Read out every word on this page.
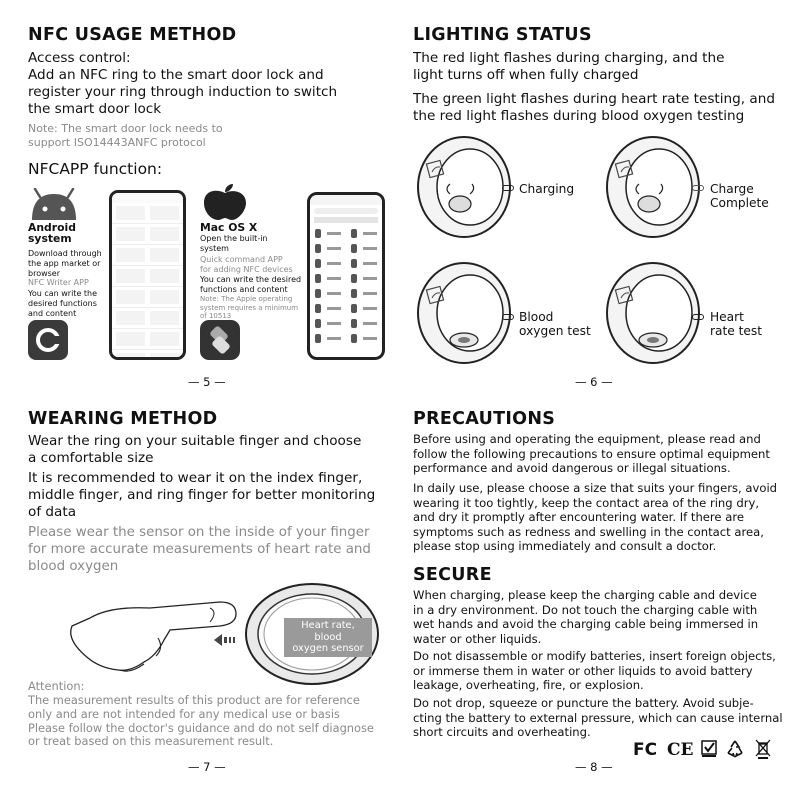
NFC USAGE METHOD
Access control:
Add an NFC ring to the smart door lock and
register your ring through induction to switch
the smart door lock
Note: The smart door lock needs to
support ISO14443ANFC protocol
NFCAPP function:
Android
system
Download through
the app market or
browser
NFC Writer APP
You can write the
desired functions
and content
Mac OS X
Open the built-in
system
Quick command APP
for adding NFC devices
You can write the desired
functions and content
Note: The Apple operating
system requires a minimum
of 10513
— 5 —
LIGHTING STATUS
The red light flashes during charging, and the
light turns off when fully charged
The green light flashes during heart rate testing, and
the red light flashes during blood oxygen testing
Charging	Charge
Complete
Blood
oxygen test
Heart
rate test
— 6 —
WEARING METHOD
Wear the ring on your suitable finger and choose
a comfortable size
It is recommended to wear it on the index finger,
middle finger, and ring finger for better monitoring
of data
Please wear the sensor on the inside of your finger
for more accurate measurements of heart rate and
blood oxygen
Heart rate, blood
oxygen sensor
Attention:
The measurement results of this product are for reference
only and are not intended for any medical use or basis
Please follow the doctor's guidance and do not self diagnose
or treat based on this measurement result.
— 7 —
PRECAUTIONS
Before using and operating the equipment, please read and
follow the following precautions to ensure optimal equipment
performance and avoid dangerous or illegal situations.
In daily use, please choose a size that suits your fingers, avoid
wearing it too tightly, keep the contact area of the ring dry,
and dry it promptly after encountering water. If there are
symptoms such as redness and swelling in the contact area,
please stop using immediately and consult a doctor.
SECURE
When charging, please keep the charging cable and device
in a dry environment. Do not touch the charging cable with
wet hands and avoid the charging cable being immersed in
water or other liquids.
Do not disassemble or modify batteries, insert foreign objects,
or immerse them in water or other liquids to avoid battery
leakage, overheating, fire, or explosion.
Do not drop, squeeze or puncture the battery. Avoid subje-
cting the battery to external pressure, which can cause internal
short circuits and overheating.
FC CE
— 8 —
